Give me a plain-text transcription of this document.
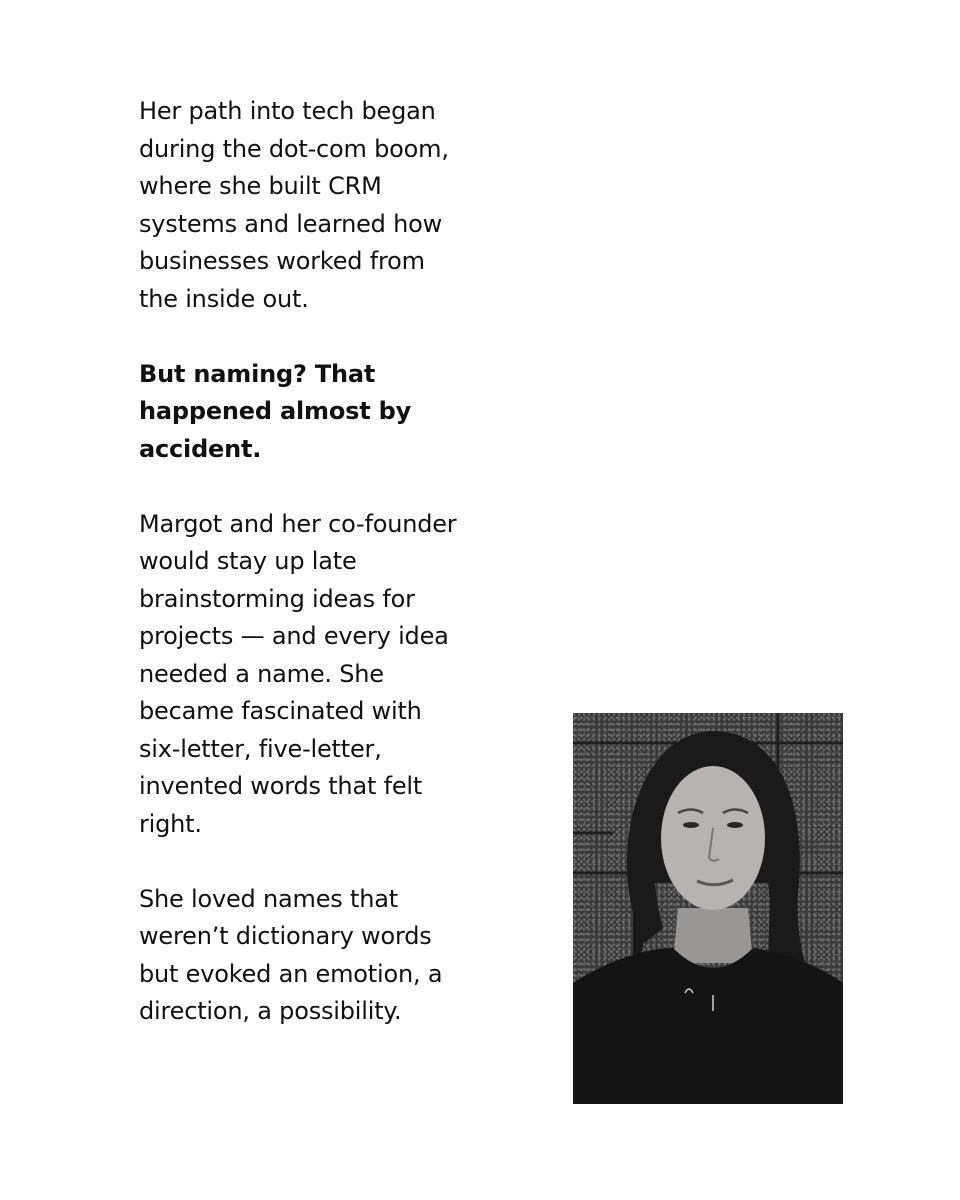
Her path into tech began
during the dot-com boom,
where she built CRM
systems and learned how
businesses worked from
the inside out.

But naming? That
happened almost by
accident.

Margot and her co-founder
would stay up late
brainstorming ideas for
projects — and every idea
needed a name. She
became fascinated with
six-letter, five-letter,
invented words that felt
right.

She loved names that
weren’t dictionary words
but evoked an emotion, a
direction, a possibility.
